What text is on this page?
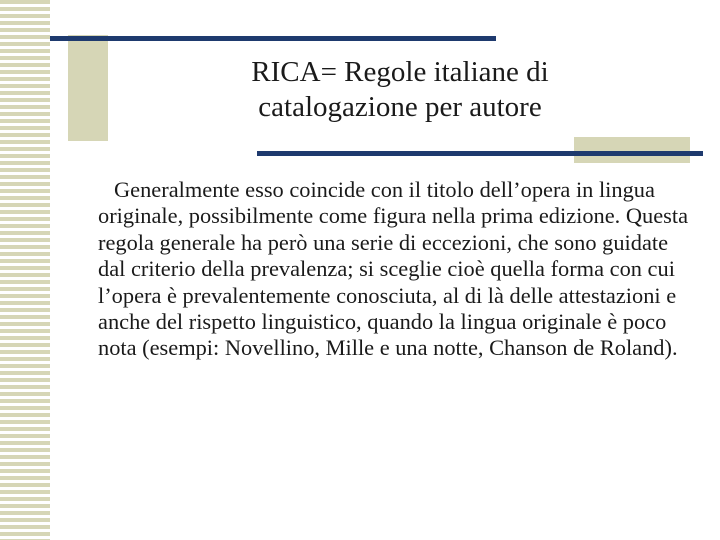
RICA= Regole italiane di
catalogazione per autore

Generalmente esso coincide con il titolo dell’opera in lingua originale, possibilmente come figura nella prima edizione. Questa regola generale ha però una serie di eccezioni, che sono guidate dal criterio della prevalenza; si sceglie cioè quella forma con cui l’opera è prevalentemente conosciuta, al di là delle attestazioni e anche del rispetto linguistico, quando la lingua originale è poco nota (esempi: Novellino, Mille e una notte, Chanson de Roland).
